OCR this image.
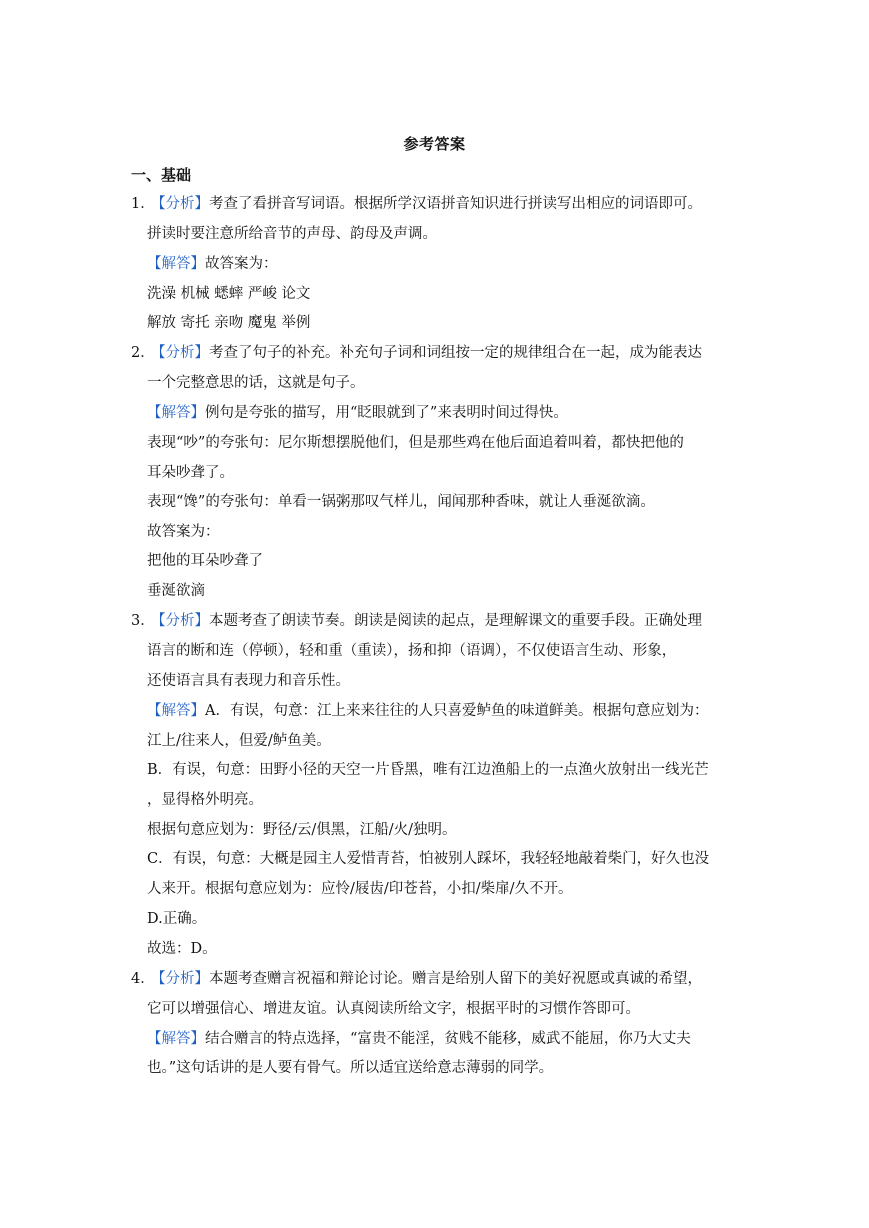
参考答案
一、基础
1．
【分析】考查了看拼音写词语。根据所学汉语拼音知识进行拼读写出相应的词语即可。
拼读时要注意所给音节的声母、韵母及声调。
【解答】故答案为：
洗澡 机械 蟋蟀 严峻 论文
解放 寄托 亲吻 魔鬼 举例
2．
【分析】考查了句子的补充。补充句子词和词组按一定的规律组合在一起，成为能表达
一个完整意思的话，这就是句子。
【解答】例句是夸张的描写，用“眨眼就到了”来表明时间过得快。
表现“吵”的夸张句：尼尔斯想摆脱他们，但是那些鸡在他后面追着叫着，都快把他的
耳朵吵聋了。
表现“馋”的夸张句：单看一锅粥那叹气样儿，闻闻那种香味，就让人垂涎欲滴。
故答案为：
把他的耳朵吵聋了
垂涎欲滴
3．
【分析】本题考查了朗读节奏。朗读是阅读的起点，是理解课文的重要手段。正确处理
语言的断和连（停顿），轻和重（重读），扬和抑（语调），不仅使语言生动、形象，
还使语言具有表现力和音乐性。
【解答】A．有误，句意：江上来来往往的人只喜爱鲈鱼的味道鲜美。根据句意应划为：
江上/往来人，但爱/鲈鱼美。
B．有误，句意：田野小径的天空一片昏黑，唯有江边渔船上的一点渔火放射出一线光芒
，显得格外明亮。
根据句意应划为：野径/云/俱黑，江船/火/独明。
C．有误，句意：大概是园主人爱惜青苔，怕被别人踩坏，我轻轻地敲着柴门，好久也没
人来开。根据句意应划为：应怜/屐齿/印苍苔，小扣/柴扉/久不开。
D.正确。
故选：D。
4．
【分析】本题考查赠言祝福和辩论讨论。赠言是给别人留下的美好祝愿或真诚的希望，
它可以增强信心、增进友谊。认真阅读所给文字，根据平时的习惯作答即可。
【解答】结合赠言的特点选择，“富贵不能淫，贫贱不能移，威武不能屈，你乃大丈夫
也。”这句话讲的是人要有骨气。所以适宜送给意志薄弱的同学。
